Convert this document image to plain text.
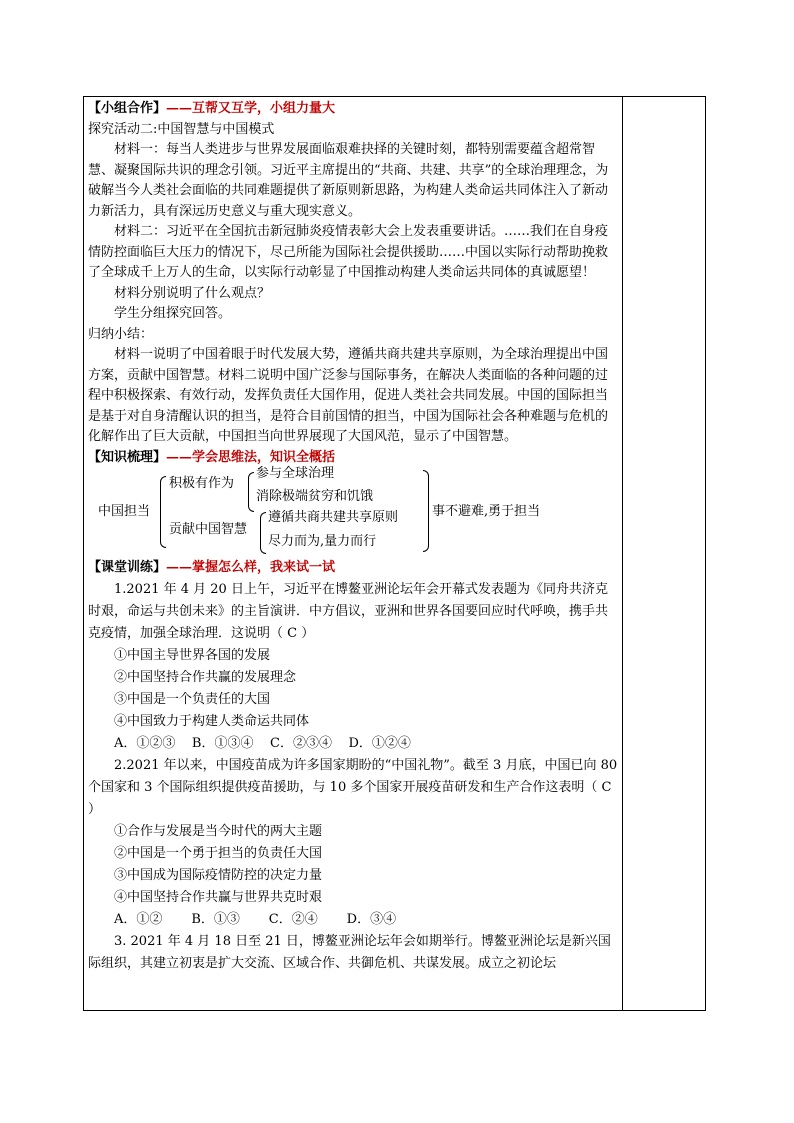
【小组合作】——互帮又互学，小组力量大

探究活动二:中国智慧与中国模式

材料一：每当人类进步与世界发展面临艰难抉择的关键时刻，都特别需要蕴含超常智慧、凝聚国际共识的理念引领。习近平主席提出的“共商、共建、共享”的全球治理理念，为破解当今人类社会面临的共同难题提供了新原则新思路，为构建人类命运共同体注入了新动力新活力，具有深远历史意义与重大现实意义。

材料二：习近平在全国抗击新冠肺炎疫情表彰大会上发表重要讲话。……我们在自身疫情防控面临巨大压力的情况下，尽己所能为国际社会提供援助……中国以实际行动帮助挽救了全球成千上万人的生命，以实际行动彰显了中国推动构建人类命运共同体的真诚愿望！

材料分别说明了什么观点？

学生分组探究回答。

归纳小结：

材料一说明了中国着眼于时代发展大势，遵循共商共建共享原则，为全球治理提出中国方案，贡献中国智慧。材料二说明中国广泛参与国际事务，在解决人类面临的各种问题的过程中积极探索、有效行动，发挥负责任大国作用，促进人类社会共同发展。中国的国际担当是基于对自身清醒认识的担当，是符合目前国情的担当，中国为国际社会各种难题与危机的化解作出了巨大贡献，中国担当向世界展现了大国风范，显示了中国智慧。

【知识梳理】——学会思维法，知识全概括

中国担当
积极有作为
参与全球治理
消除极端贫穷和饥饿
贡献中国智慧
遵循共商共建共享原则
尽力而为,量力而行
事不避难,勇于担当

【课堂训练】——掌握怎么样，我来试一试

1.2021 年 4 月 20 日上午，习近平在博鳌亚洲论坛年会开幕式发表题为《同舟共济克时艰，命运与共创未来》的主旨演讲．中方倡议，亚洲和世界各国要回应时代呼唤，携手共克疫情，加强全球治理．这说明（ C ）

①中国主导世界各国的发展

②中国坚持合作共赢的发展理念

③中国是一个负责任的大国

④中国致力于构建人类命运共同体

A．①②③    B．①③④    C．②③④    D．①②④

2.2021 年以来，中国疫苗成为许多国家期盼的“中国礼物”。截至 3 月底，中国已向 80 个国家和 3 个国际组织提供疫苗援助，与 10 多个国家开展疫苗研发和生产合作这表明（ C ）

①合作与发展是当今时代的两大主题

②中国是一个勇于担当的负责任大国

③中国成为国际疫情防控的决定力量

④中国坚持合作共赢与世界共克时艰

A．①②       B．①③       C．②④       D．③④

3. 2021 年 4 月 18 日至 21 日，博鳌亚洲论坛年会如期举行。博鳌亚洲论坛是新兴国际组织，其建立初衷是扩大交流、区域合作、共御危机、共谋发展。成立之初论坛
